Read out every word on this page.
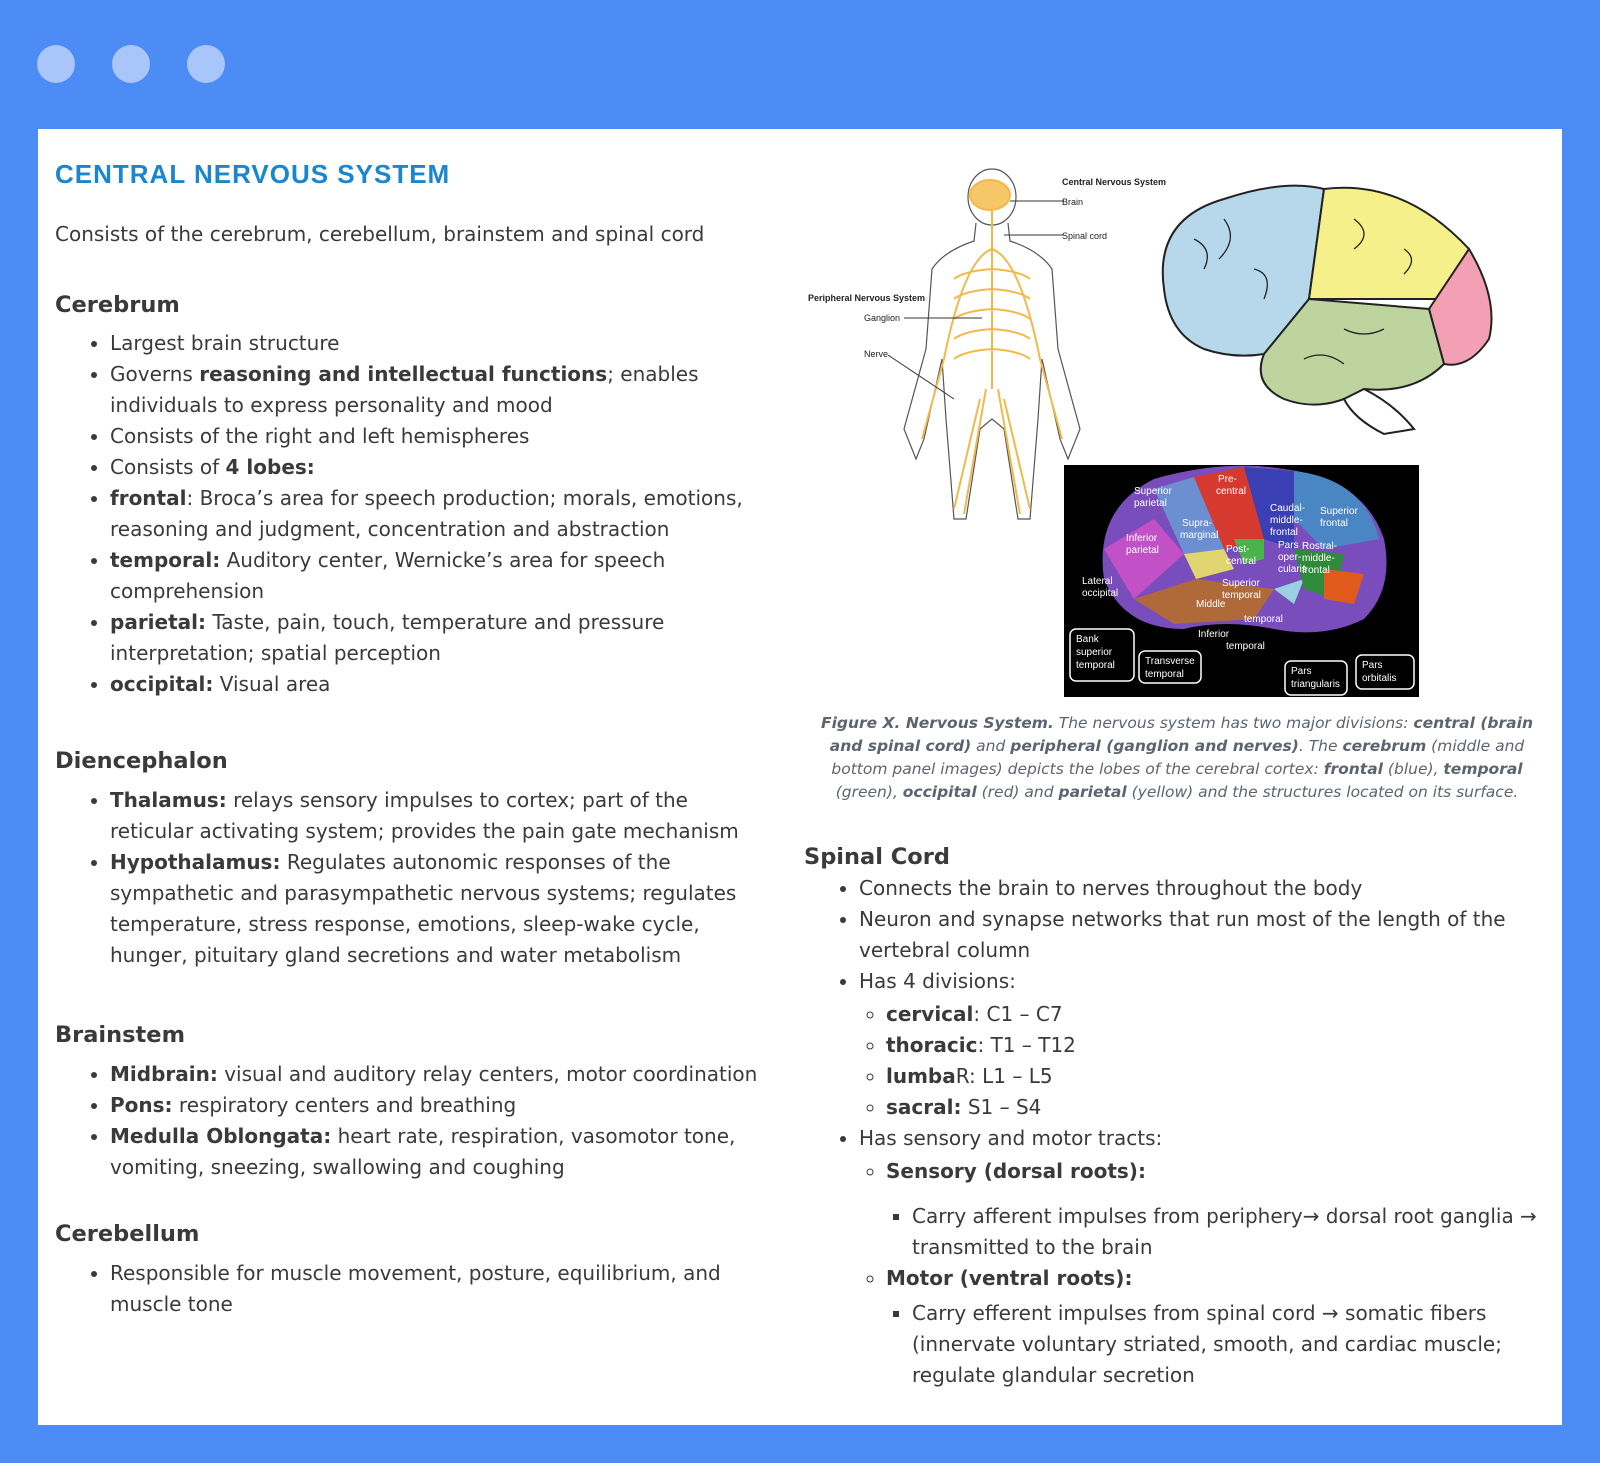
CENTRAL NERVOUS SYSTEM

Consists of the cerebrum, cerebellum, brainstem and spinal cord

Cerebrum
• Largest brain structure
• Governs reasoning and intellectual functions; enables individuals to express personality and mood
• Consists of the right and left hemispheres
• Consists of 4 lobes:
• frontal: Broca’s area for speech production; morals, emotions, reasoning and judgment, concentration and abstraction
• temporal: Auditory center, Wernicke’s area for speech comprehension
• parietal: Taste, pain, touch, temperature and pressure interpretation; spatial perception
• occipital: Visual area
Diencephalon
• Thalamus: relays sensory impulses to cortex; part of the reticular activating system; provides the pain gate mechanism
• Hypothalamus: Regulates autonomic responses of the sympathetic and parasympathetic nervous systems; regulates temperature, stress response, emotions, sleep-wake cycle, hunger, pituitary gland secretions and water metabolism
Brainstem
• Midbrain: visual and auditory relay centers, motor coordination
• Pons: respiratory centers and breathing
• Medulla Oblongata: heart rate, respiration, vasomotor tone, vomiting, sneezing, swallowing and coughing
Cerebellum
• Responsible for muscle movement, posture, equilibrium, and muscle tone
Central Nervous System
Brain
Spinal cord
Peripheral Nervous System
Ganglion
Nerve
Pre-
central
Superior
parietal
Supra-
marginal
Caudal-
middle-
frontal
Superior
frontal
Inferior
parietal	Post-
central
Pars
oper-
cularis
Rostral-
middle-
frontal
Lateral
occipital
Superior
temporal
Middle
temporal
Inferior
temporal
Bank
superior
temporal	Transverse
temporal	Pars
triangularis
Pars
orbitalis
Figure X. Nervous System. The nervous system has two major divisions: central (brain and spinal cord) and peripheral (ganglion and nerves). The cerebrum (middle and bottom panel images) depicts the lobes of the cerebral cortex: frontal (blue), temporal (green), occipital (red) and parietal (yellow) and the structures located on its surface.
Spinal Cord
• Connects the brain to nerves throughout the body
• Neuron and synapse networks that run most of the length of the vertebral column
• Has 4 divisions:
◦ cervical: C1 – C7
◦ thoracic: T1 – T12
◦ lumbaR: L1 – L5
◦ sacral: S1 – S4
• Has sensory and motor tracts:
◦ Sensory (dorsal roots):
▪ Carry afferent impulses from periphery→ dorsal root ganglia → transmitted to the brain
◦ Motor (ventral roots):
▪ Carry efferent impulses from spinal cord → somatic fibers (innervate voluntary striated, smooth, and cardiac muscle; regulate glandular secretion
